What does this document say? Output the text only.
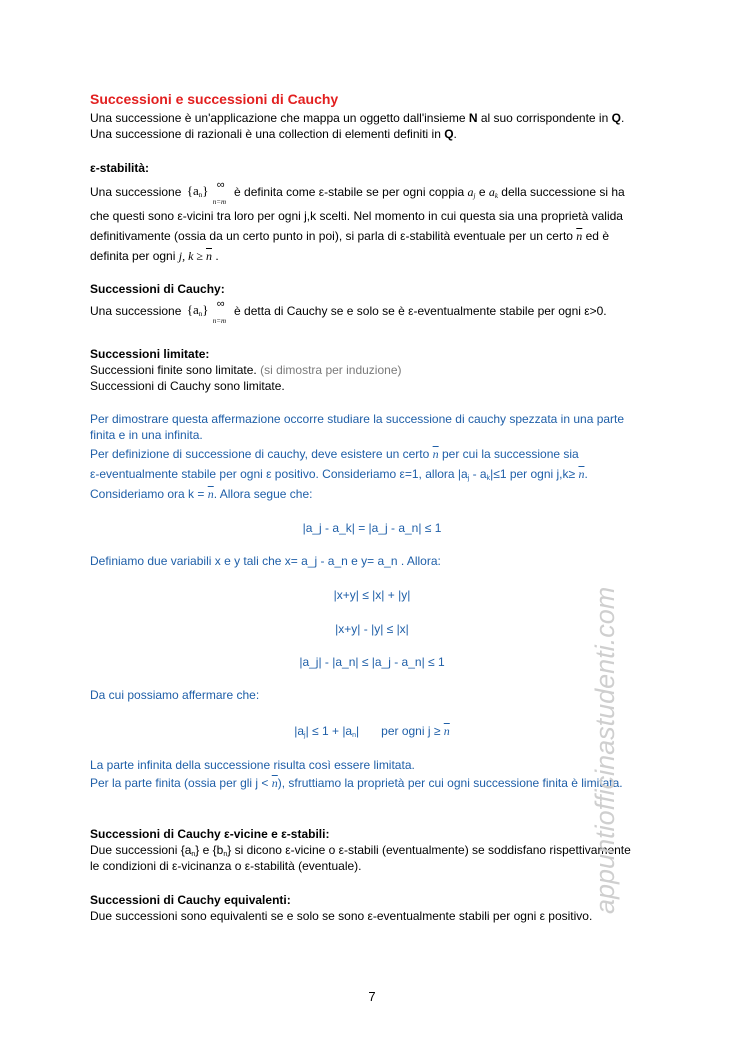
Successioni e successioni di Cauchy
Una successione è un'applicazione che mappa un oggetto dall'insieme N al suo corrispondente in Q.
Una successione di razionali è una collection di elementi definiti in Q.
ε-stabilità:
Una successione $\{a_n\}$ ∞
n=m
è definita come ε-stabile se per ogni coppia $a_j$ e $a_k$ della successione si ha
che questi sono ε-vicini tra loro per ogni j,k scelti. Nel momento in cui questa sia una proprietà valida
definitivamente (ossia da un certo punto in poi), si parla di ε-stabilità eventuale per un certo $\overline{n}$ ed è
definita per ogni j, $k \ge \overline{n}$ .
Successioni di Cauchy:
Una successione $\{a_n\}$ ∞
n=m
è detta di Cauchy se e solo se è ε-eventualmente stabile per ogni ε>0.
Successioni limitate:
Successioni finite sono limitate. (si dimostra per induzione)
Successioni di Cauchy sono limitate.
Per dimostrare questa affermazione occorre studiare la successione di cauchy spezzata in una parte
finita e in una infinita.
Per definizione di successione di cauchy, deve esistere un certo $\overline{n}$ per cui la successione sia
ε-eventualmente stabile per ogni ε positivo. Consideriamo ε=1, allora $|a_j - a_k|\le 1$ per ogni $j,k\ge \overline{n}$.
Consideriamo ora $k = \overline{n}$. Allora segue che:
|a_j - a_k| = |a_j - a_n| ≤ 1
Definiamo due variabili x e y tali che x= a_j - a_n e y= a_n . Allora:
|x+y| ≤ |x| + |y|
|x+y| - |y| ≤ |x|
|a_j| - |a_n| ≤ |a_j - a_n| ≤ 1
Da cui possiamo affermare che:
$|a_j| \le 1 + |a_n|$ per ogni $j \ge \overline{n}$
La parte infinita della successione risulta così essere limitata.
Per la parte finita (ossia per gli $j < \overline{n}$), sfruttiamo la proprietà per cui ogni successione finita è limitata.
Successioni di Cauchy ε-vicine e ε-stabili:
Due successioni $\{a_n\}$ e $\{b_n\}$ si dicono ε-vicine o ε-stabili (eventualmente) se soddisfano rispettivamente
le condizioni di ε-vicinanza o ε-stabilità (eventuale).
Successioni di Cauchy equivalenti:
Due successioni sono equivalenti se e solo se sono ε-eventualmente stabili per ogni ε positivo.
appuntiofficinastudenti.com
7
